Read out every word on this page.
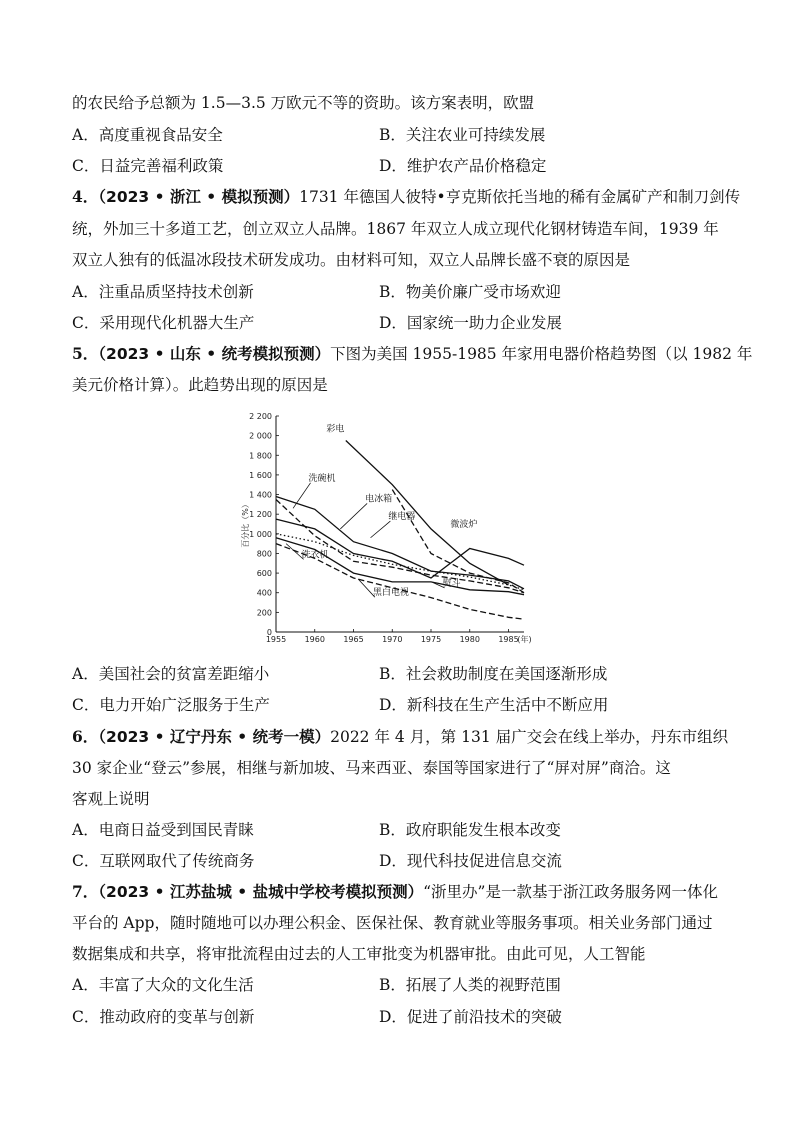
的农民给予总额为 1.5—3.5 万欧元不等的资助。该方案表明，欧盟
A．高度重视食品安全	B．关注农业可持续发展
C．日益完善福利政策	D．维护农产品价格稳定
4．（2023 • 浙江 • 模拟预测）1731 年德国人彼特•亨克斯依托当地的稀有金属矿产和制刀剑传
统，外加三十多道工艺，创立双立人品牌。1867 年双立人成立现代化钢材铸造车间，1939 年
双立人独有的低温冰段技术研发成功。由材料可知，双立人品牌长盛不衰的原因是
A．注重品质坚持技术创新	B．物美价廉广受市场欢迎
C．采用现代化机器大生产	D．国家统一助力企业发展
5．（2023 • 山东 • 统考模拟预测）下图为美国 1955-1985 年家用电器价格趋势图（以 1982 年
美元价格计算）。此趋势出现的原因是
0
200
400
600
800
1 000
1 200
1 400
1 600
1 800
2 000
2 200
1955 1960 1965 1970 1975 1980 1985
(年)
百分比（%）
彩电
微波炉
洗碗机
电冰箱
继电器
洗衣机
黑白电视
熨斗
A．美国社会的贫富差距缩小	B．社会救助制度在美国逐渐形成
C．电力开始广泛服务于生产	D．新科技在生产生活中不断应用
6．（2023 • 辽宁丹东 • 统考一模）2022 年 4 月，第 131 届广交会在线上举办，丹东市组织
30 家企业“登云”参展，相继与新加坡、马来西亚、泰国等国家进行了“屏对屏”商洽。这
客观上说明
A．电商日益受到国民青睐	B．政府职能发生根本改变
C．互联网取代了传统商务	D．现代科技促进信息交流
7．（2023 • 江苏盐城 • 盐城中学校考模拟预测）“浙里办”是一款基于浙江政务服务网一体化
平台的 App，随时随地可以办理公积金、医保社保、教育就业等服务事项。相关业务部门通过
数据集成和共享，将审批流程由过去的人工审批变为机器审批。由此可见，人工智能
A．丰富了大众的文化生活	B．拓展了人类的视野范围
C．推动政府的变革与创新	D．促进了前沿技术的突破
